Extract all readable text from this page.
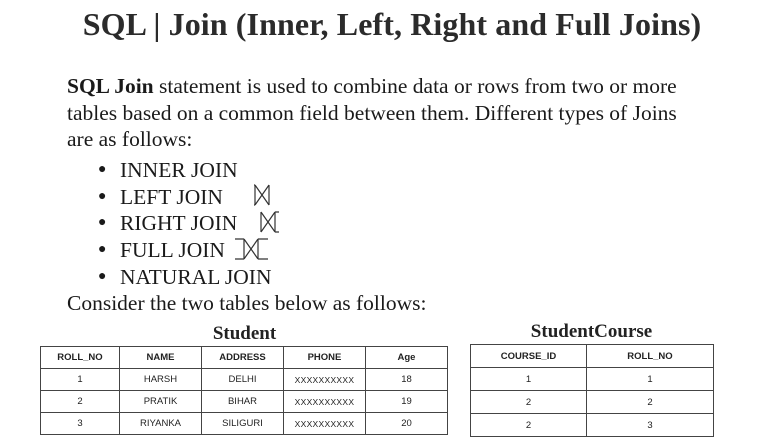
SQL | Join (Inner, Left, Right and Full Joins)
SQL Join statement is used to combine data or rows from two or more tables based on a common field between them. Different types of Joins are as follows:
● INNER JOIN
● LEFT JOIN
● RIGHT JOIN
● FULL JOIN
● NATURAL JOIN
Consider the two tables below as follows:
Student
ROLL_NO	NAME	ADDRESS	PHONE	Age
1	HARSH	DELHI	XXXXXXXXXX	18
2	PRATIK	BIHAR	XXXXXXXXXX	19
3	RIYANKA	SILIGURI	XXXXXXXXXX	20
StudentCourse
COURSE_ID	ROLL_NO
1	1
2	2
2	3
